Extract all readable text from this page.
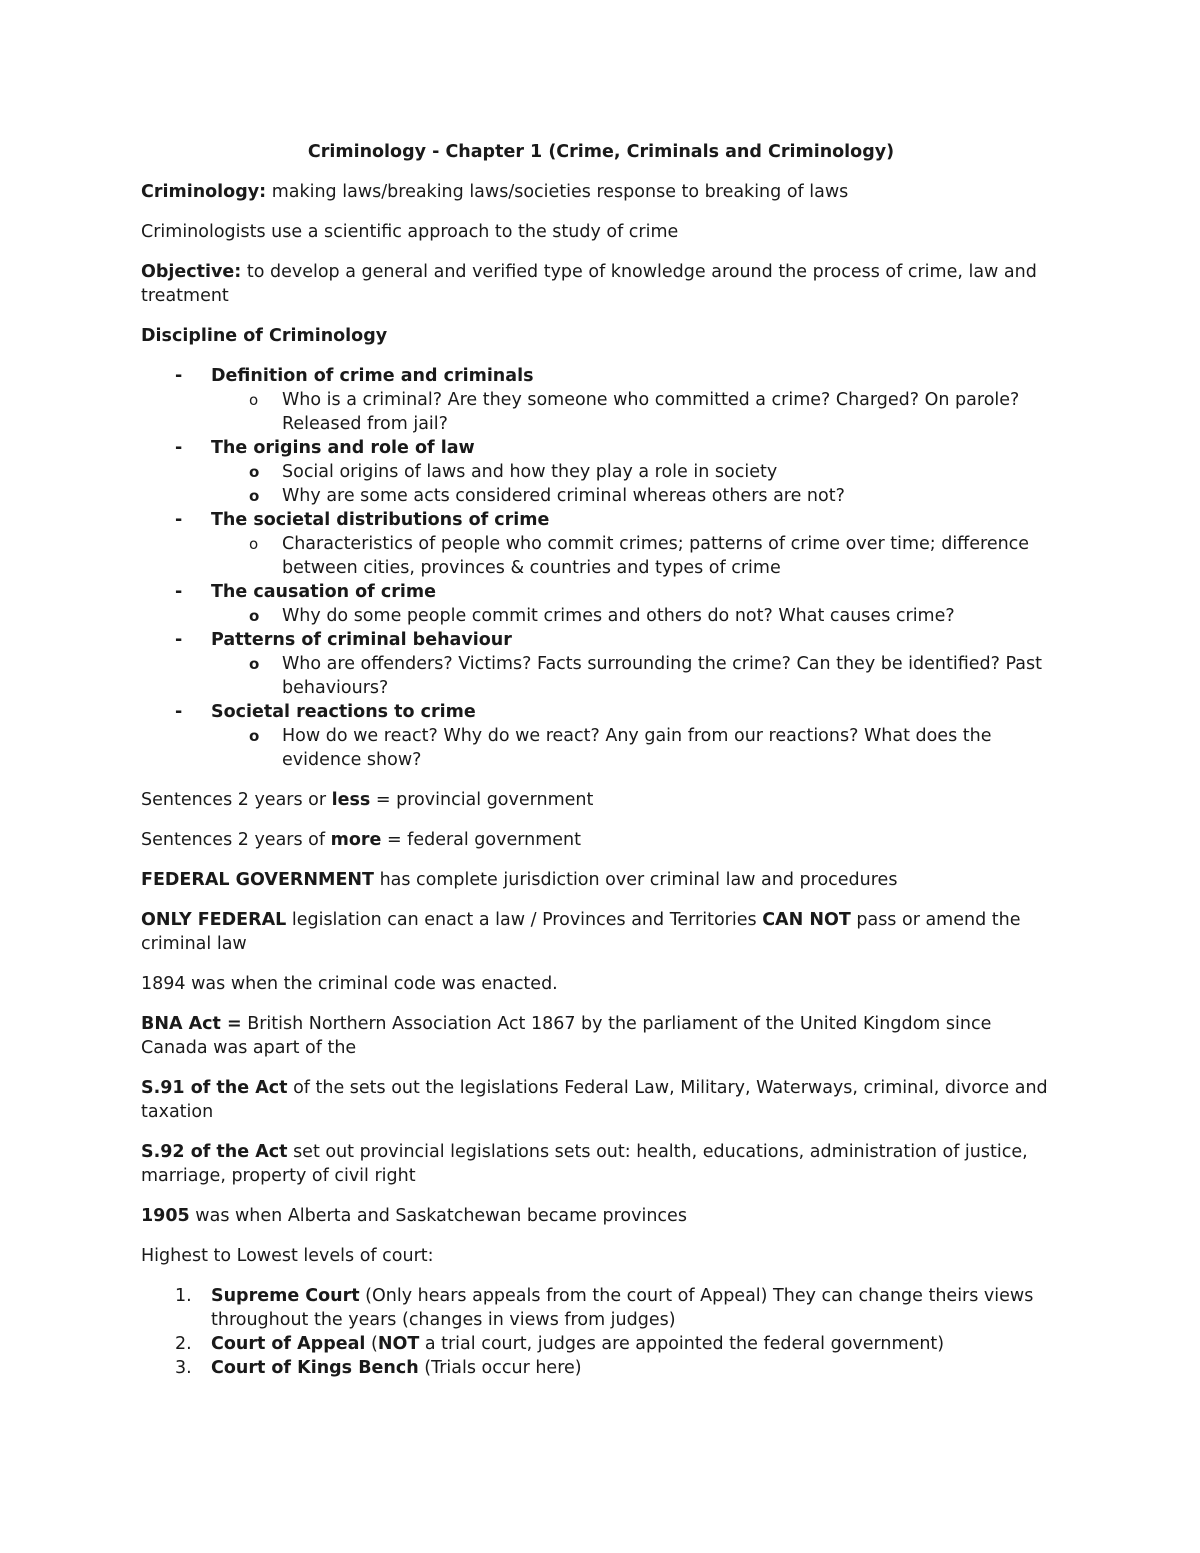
Criminology - Chapter 1 (Crime, Criminals and Criminology)

Criminology: making laws/breaking laws/societies response to breaking of laws

Criminologists use a scientific approach to the study of crime

Objective: to develop a general and verified type of knowledge around the process of crime, law and treatment

Discipline of Criminology
- Definition of crime and criminals
o Who is a criminal? Are they someone who committed a crime? Charged? On parole? Released from jail?
- The origins and role of law
o Social origins of laws and how they play a role in society
o Why are some acts considered criminal whereas others are not?
- The societal distributions of crime
o Characteristics of people who commit crimes; patterns of crime over time; difference between cities, provinces & countries and types of crime
- The causation of crime
o Why do some people commit crimes and others do not? What causes crime?
- Patterns of criminal behaviour
o Who are offenders? Victims? Facts surrounding the crime? Can they be identified? Past behaviours?
- Societal reactions to crime
o How do we react? Why do we react? Any gain from our reactions? What does the evidence show?

Sentences 2 years or less = provincial government

Sentences 2 years of more = federal government

FEDERAL GOVERNMENT has complete jurisdiction over criminal law and procedures

ONLY FEDERAL legislation can enact a law / Provinces and Territories CAN NOT pass or amend the criminal law

1894 was when the criminal code was enacted.

BNA Act = British Northern Association Act 1867 by the parliament of the United Kingdom since Canada was apart of the

S.91 of the Act of the sets out the legislations Federal Law, Military, Waterways, criminal, divorce and taxation

S.92 of the Act set out provincial legislations sets out: health, educations, administration of justice, marriage, property of civil right

1905 was when Alberta and Saskatchewan became provinces

Highest to Lowest levels of court:

1. Supreme Court (Only hears appeals from the court of Appeal) They can change theirs views throughout the years (changes in views from judges)
2. Court of Appeal (NOT a trial court, judges are appointed the federal government)
3. Court of Kings Bench (Trials occur here)
